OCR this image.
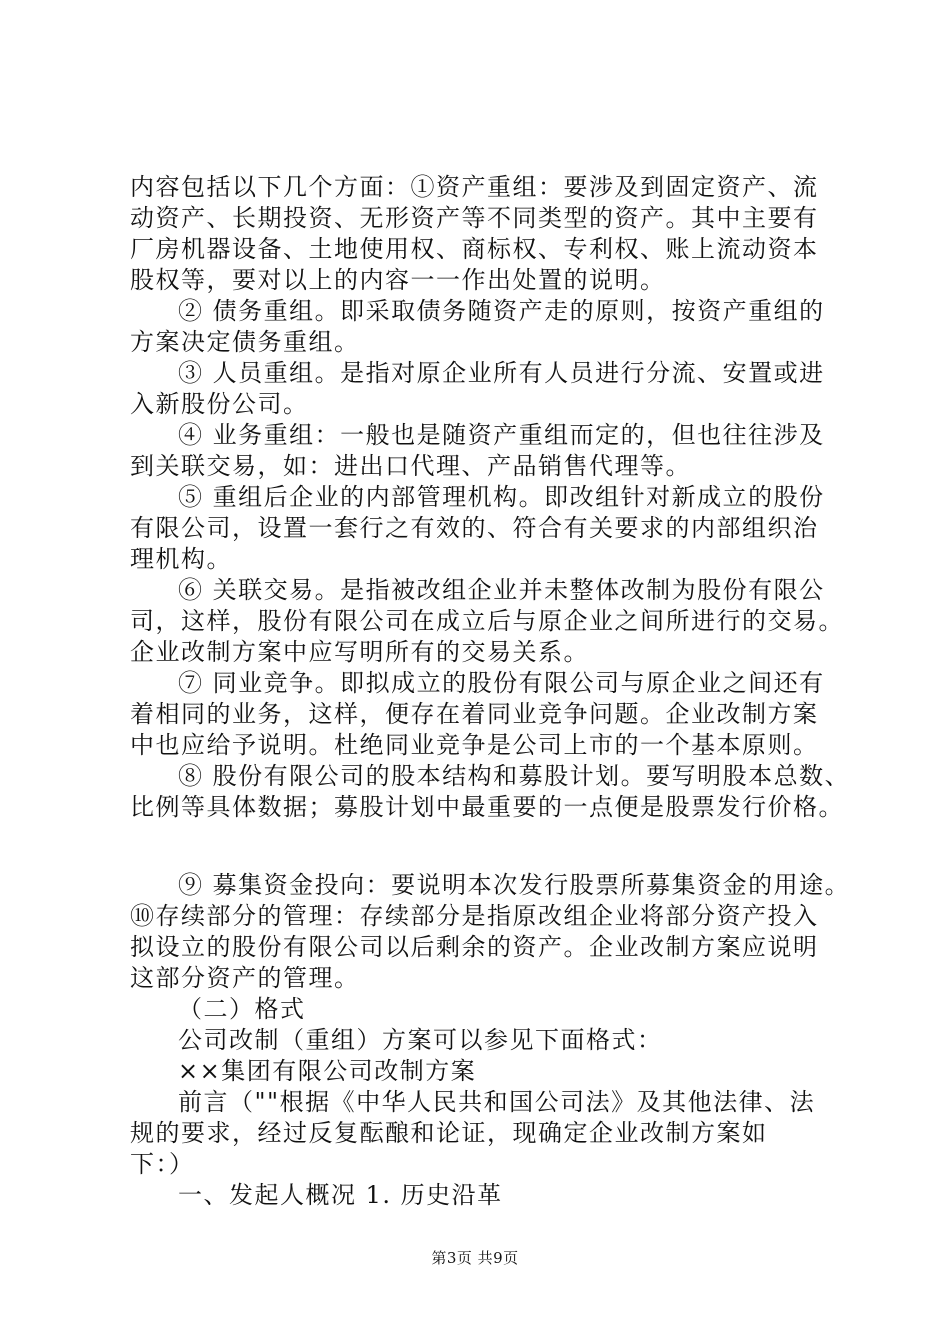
内容包括以下几个方面：①资产重组：要涉及到固定资产、流
动资产、长期投资、无形资产等不同类型的资产。其中主要有
厂房机器设备、土地使用权、商标权、专利权、账上流动资本
股权等，要对以上的内容一一作出处置的说明。
② 债务重组。即采取债务随资产走的原则，按资产重组的
方案决定债务重组。
③ 人员重组。是指对原企业所有人员进行分流、安置或进
入新股份公司。
④ 业务重组：一般也是随资产重组而定的，但也往往涉及
到关联交易，如：进出口代理、产品销售代理等。
⑤ 重组后企业的内部管理机构。即改组针对新成立的股份
有限公司，设置一套行之有效的、符合有关要求的内部组织治
理机构。
⑥ 关联交易。是指被改组企业并未整体改制为股份有限公
司，这样，股份有限公司在成立后与原企业之间所进行的交易。
企业改制方案中应写明所有的交易关系。
⑦ 同业竞争。即拟成立的股份有限公司与原企业之间还有
着相同的业务，这样，便存在着同业竞争问题。企业改制方案
中也应给予说明。杜绝同业竞争是公司上市的一个基本原则。
⑧ 股份有限公司的股本结构和募股计划。要写明股本总数、
比例等具体数据；募股计划中最重要的一点便是股票发行价格。
⑨ 募集资金投向：要说明本次发行股票所募集资金的用途。
⑩存续部分的管理：存续部分是指原改组企业将部分资产投入
拟设立的股份有限公司以后剩余的资产。企业改制方案应说明
这部分资产的管理。
（二）格式
公司改制（重组）方案可以参见下面格式：
××集团有限公司改制方案
前言（""根据《中华人民共和国公司法》及其他法律、法
规的要求，经过反复酝酿和论证，现确定企业改制方案如
下：）
一、发起人概况 1. 历史沿革
第3页 共9页
